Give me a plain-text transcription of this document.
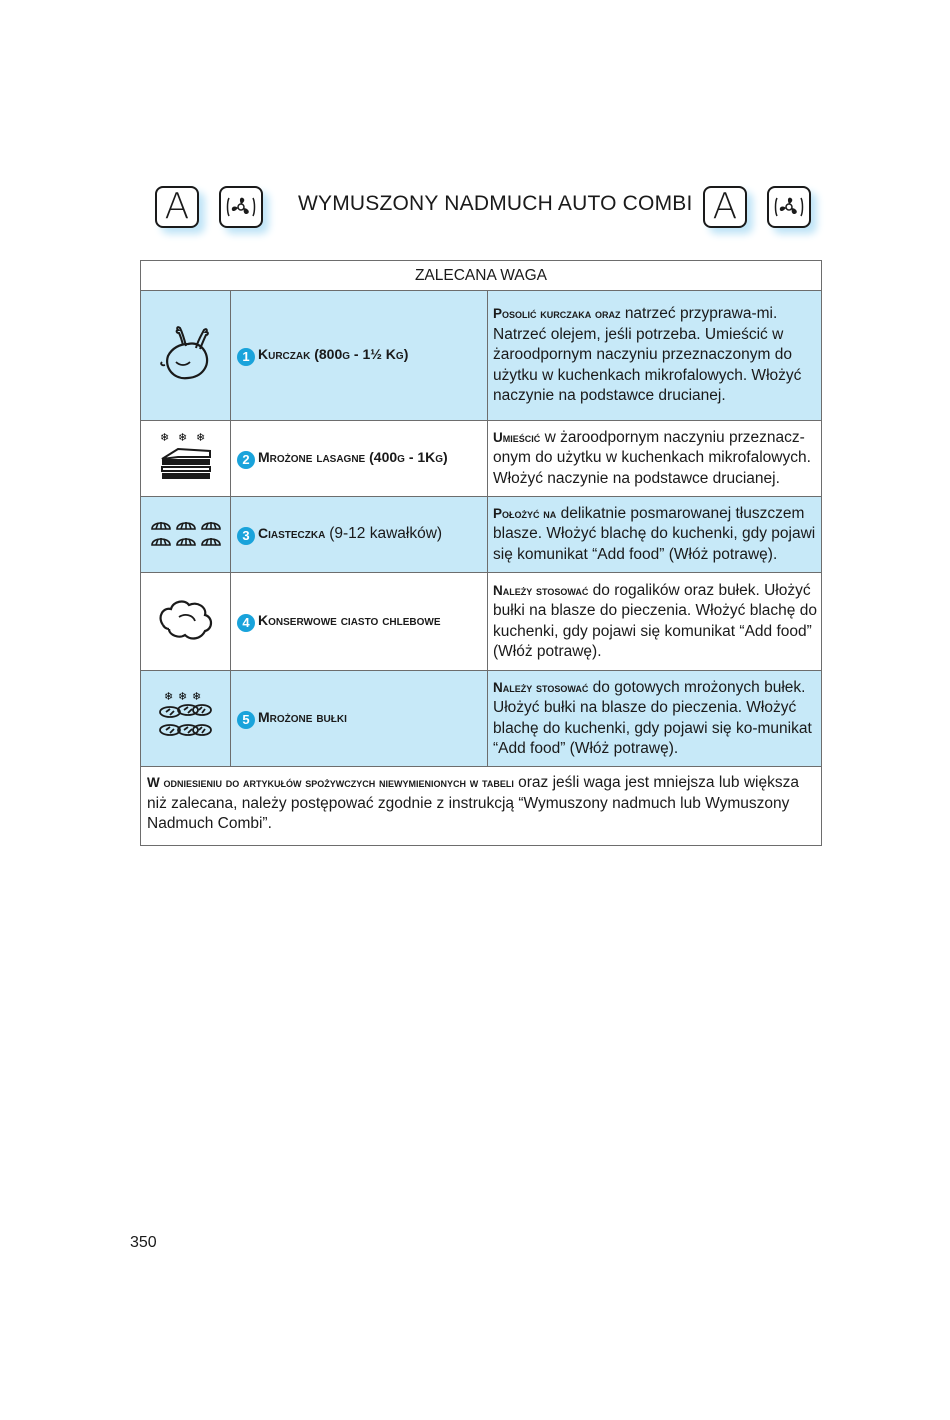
A	WYMUSZONY NADMUCH AUTO COMBI A
ZALECANA WAGA		
	1 Kurczak (800g - 1½ Kg)	Posolić kurczaka oraz natrzeć przyprawa-mi. Natrzeć olejem, jeśli potrzeba. Umieścić w żaroodpornym naczyniu przeznaczonym do użytku w kuchenkach mikrofalowych. Włożyć naczynie na podstawce drucianej.

❄ ❄ ❄	2 Mrożone lasagne (400g - 1Kg)	Umieścić w żaroodpornym naczyniu przeznacz-onym do użytku w kuchenkach mikrofalowych. Włożyć naczynie na podstawce drucianej.
	3 Ciasteczka (9-12 kawałków)	Położyć na delikatnie posmarowanej tłuszczem blasze. Włożyć blachę do kuchenki, gdy pojawi się komunikat “Add food” (Włóż potrawę).
	4 Konserwowe ciasto chlebowe	Należy stosować do rogalików oraz bułek. Ułożyć bułki na blasze do pieczenia. Włożyć blachę do kuchenki, gdy pojawi się komunikat “Add food” (Włóż potrawę).

❄ ❄ ❄	5 Mrożone bułki	Należy stosować do gotowych mrożonych bułek. Ułożyć bułki na blasze do pieczenia. Włożyć blachę do kuchenki, gdy pojawi się ko-munikat “Add food” (Włóż potrawę).
W odniesieniu do artykułów spożywczych niewymienionych w tabeli oraz jeśli waga jest mniejsza lub większa niż zalecana, należy postępować zgodnie z instrukcją “Wymuszony nadmuch lub Wymuszony Nadmuch Combi”.		
350
